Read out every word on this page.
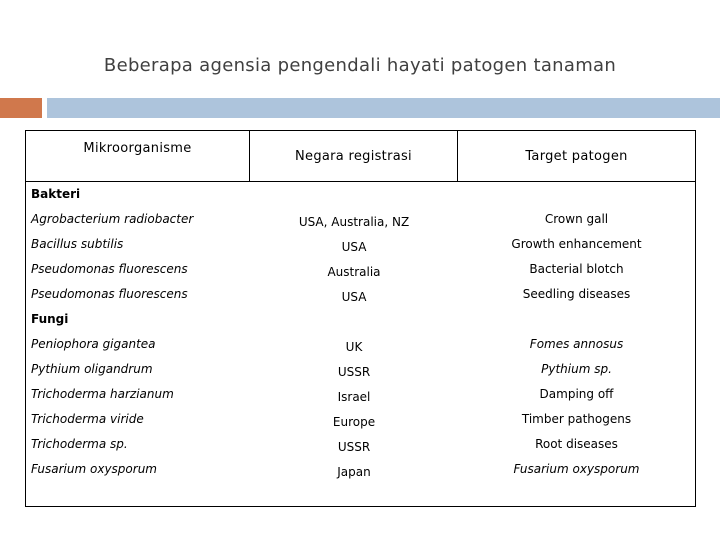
Beberapa agensia pengendali hayati patogen tanaman
Mikroorganisme	Negara registrasi	Target patogen
Bakteri
Agrobacterium radiobacter	USA, Australia, NZ	Crown gall
Bacillus subtilis	USA	Growth enhancement
Pseudomonas fluorescens	Australia	Bacterial blotch
Pseudomonas fluorescens	USA	Seedling diseases
Fungi
Peniophora gigantea	UK	Fomes annosus
Pythium oligandrum	USSR	Pythium sp.
Trichoderma harzianum	Israel	Damping off
Trichoderma viride	Europe	Timber pathogens
Trichoderma sp.	USSR	Root diseases
Fusarium oxysporum	Japan	Fusarium oxysporum
